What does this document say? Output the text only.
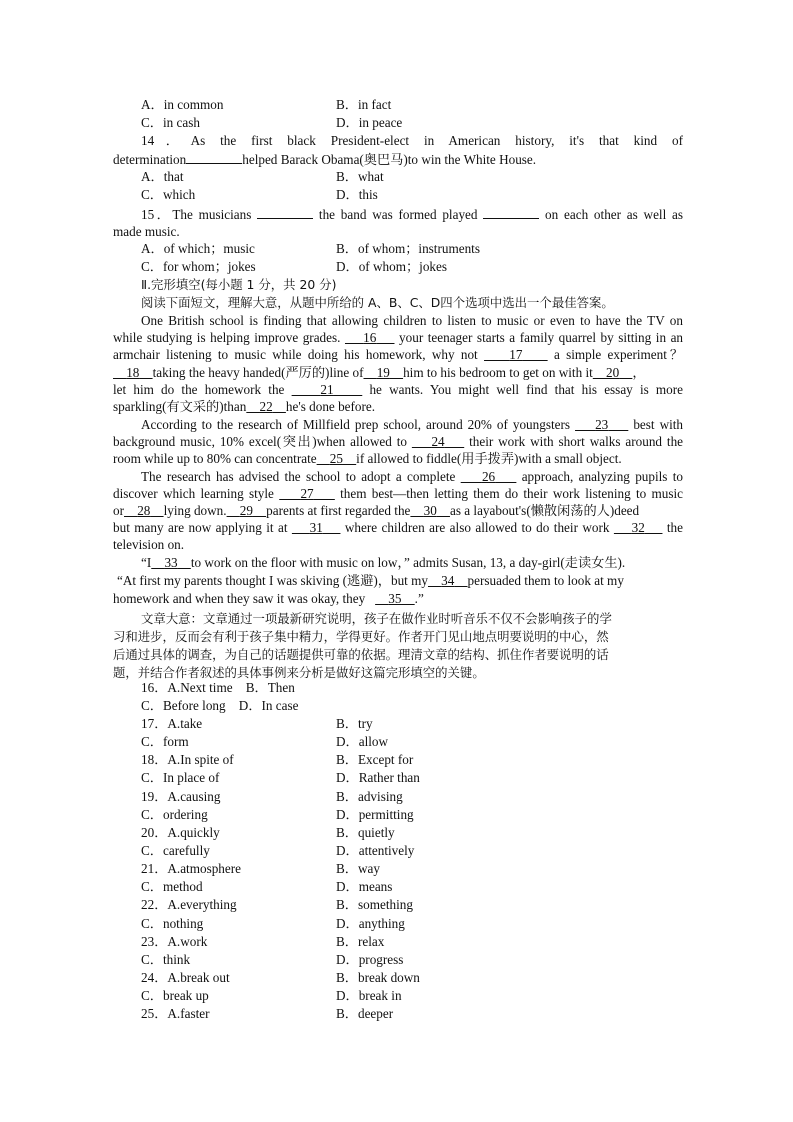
A．in common	B．in fact
C．in cash	D．in peace
14．As the first black President-elect in American history, it's that kind of
determination	helped Barack Obama(奥巴马)to win the White House.
A．that	B．what
C．which	D．this
15．The musicians	the band was formed played	on each other as well as
made music.
A．of which；music	B．of whom；instruments
C．for whom；jokes	D．of whom；jokes
Ⅱ.完形填空(每小题 1 分，共 20 分)
阅读下面短文，理解大意，从题中所给的 A、B、C、D四个选项中选出一个最佳答案。
One British school is finding that allowing children to listen to music or even to have the TV on
while studying is helping improve grades. 16 your teenager starts a family quarrel by sitting in an
armchair listening to music while doing his homework, why not 17 a simple experiment？
18 taking the heavy handed(严厉的)line of 19 him to his bedroom to get on with it 20 ，
let him do the homework the	21	he wants. You might well find that his essay is more
sparkling(有文采的)than 22 he's done before.
According to the research of Millfield prep school, around 20% of youngsters 23 best with
background music, 10% excel(突出)when allowed to 24 their work with short walks around the
room while up to 80% can concentrate 25 if allowed to fiddle(用手拨弄)with a small object.
The research has advised the school to adopt a complete 26 approach, analyzing pupils to
discover which learning style 27 them best—then letting them do their work listening to music
or 28 lying down. 29 parents at first regarded the 30 as a layabout's(懒散闲荡的人)deed
but many are now applying it at 31 where children are also allowed to do their work 32 the
television on.
“I 33 to work on the floor with music on low，” admits Susan, 13, a day-girl(走读女生).
“At first my parents thought I was skiving (逃避)，but my 34 persuaded them to look at my
homework and when they saw it was okay, they 35 .”
文章大意：文章通过一项最新研究说明，孩子在做作业时听音乐不仅不会影响孩子的学
习和进步，反而会有利于孩子集中精力，学得更好。作者开门见山地点明要说明的中心，然
后通过具体的调查，为自己的话题提供可靠的依据。理清文章的结构、抓住作者要说明的话
题，并结合作者叙述的具体事例来分析是做好这篇完形填空的关键。
16．A.Next time　B．Then
C．Before long　D．In case
17．A.take	B．try
C．form	D．allow
18．A.In spite of	B．Except for
C．In place of	D．Rather than
19．A.causing	B．advising
C．ordering	D．permitting
20．A.quickly	B．quietly
C．carefully	D．attentively
21．A.atmosphere	B．way
C．method	D．means
22．A.everything	B．something
C．nothing	D．anything
23．A.work	B．relax
C．think	D．progress
24．A.break out	B．break down
C．break up	D．break in
25．A.faster	B．deeper
